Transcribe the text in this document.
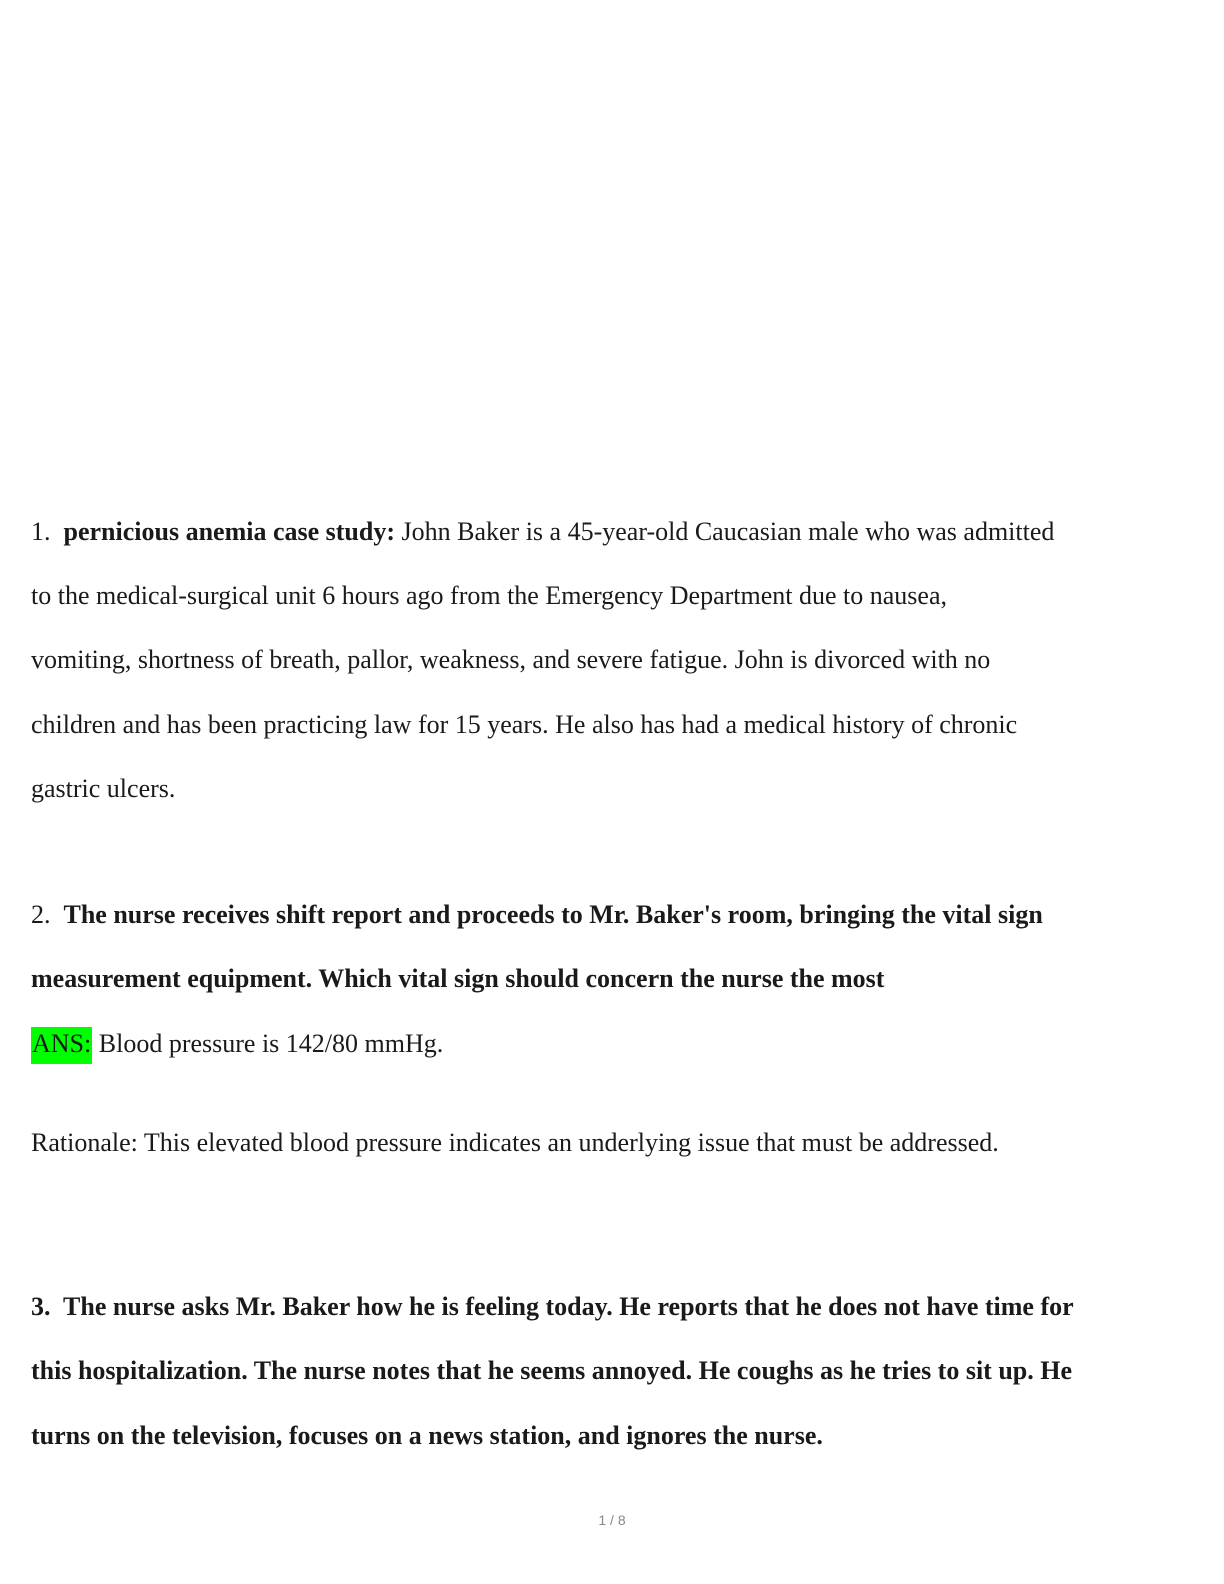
1. pernicious anemia case study: John Baker is a 45-year-old Caucasian male who was admitted
to the medical-surgical unit 6 hours ago from the Emergency Department due to nausea,
vomiting, shortness of breath, pallor, weakness, and severe fatigue. John is divorced with no
children and has been practicing law for 15 years. He also has had a medical history of chronic
gastric ulcers.
2. The nurse receives shift report and proceeds to Mr. Baker's room, bringing the vital sign
measurement equipment. Which vital sign should concern the nurse the most
ANS: Blood pressure is 142/80 mmHg.
Rationale: This elevated blood pressure indicates an underlying issue that must be addressed.
3. The nurse asks Mr. Baker how he is feeling today. He reports that he does not have time for
this hospitalization. The nurse notes that he seems annoyed. He coughs as he tries to sit up. He
turns on the television, focuses on a news station, and ignores the nurse.
1 / 8
